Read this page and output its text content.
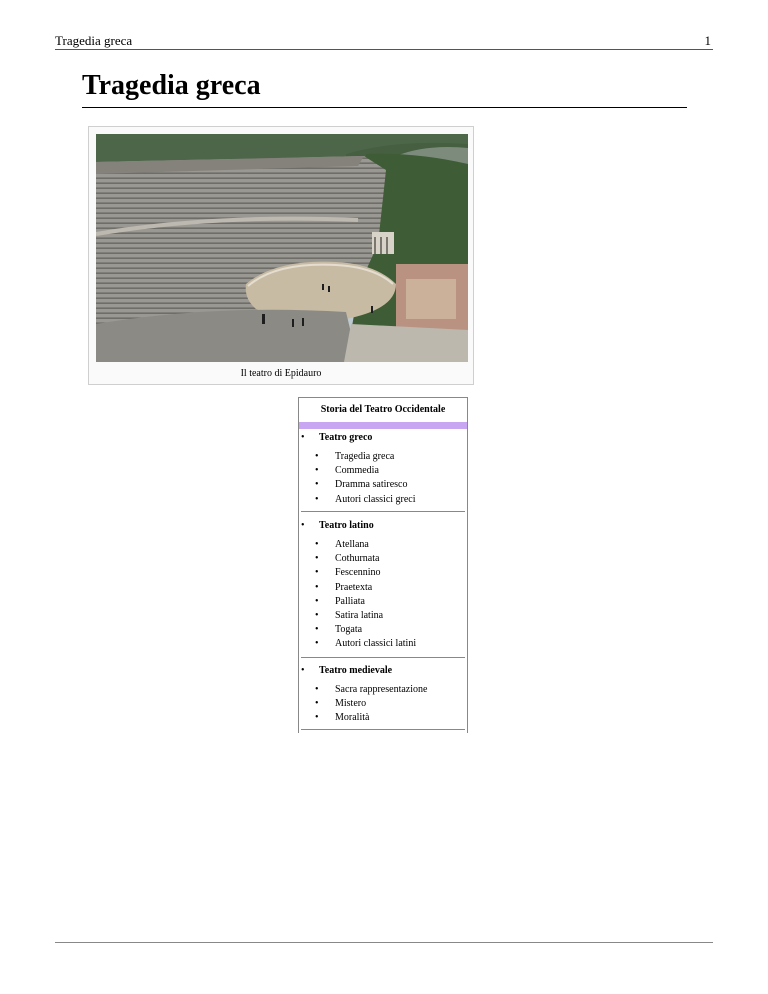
Tragedia greca	1
Tragedia greca
Il teatro di Epidauro
Storia del Teatro Occidentale
• Teatro greco
• Tragedia greca
• Commedia
• Dramma satiresco
• Autori classici greci
• Teatro latino
• Atellana
• Cothurnata
• Fescennino
• Praetexta
• Palliata
• Satira latina
• Togata
• Autori classici latini
• Teatro medievale
• Sacra rappresentazione
• Mistero
• Moralità
